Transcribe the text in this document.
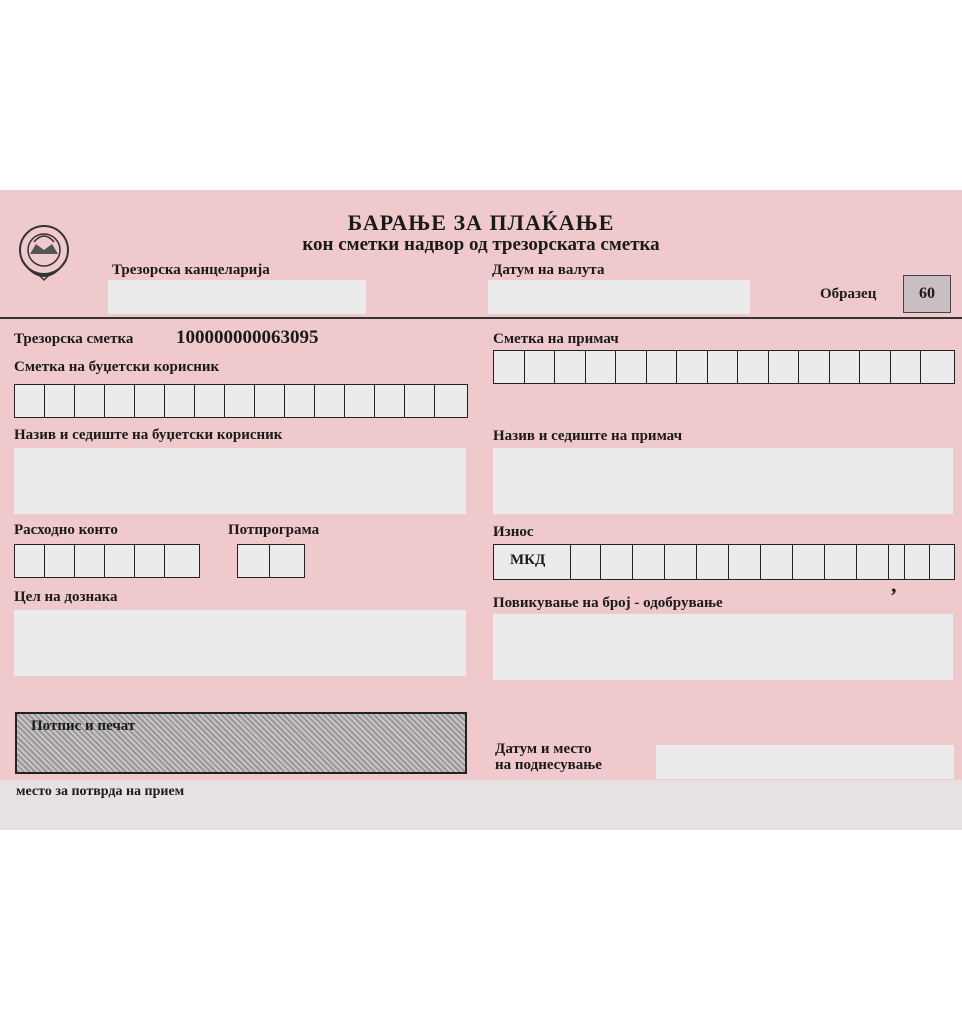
БАРАЊЕ ЗА ПЛАЌАЊЕ
кон сметки надвор од трезорската сметка
Трезорска канцеларија	Датум на валута
Образец	60
Трезорска сметка 100000000063095
Сметка на буџетски корисник
Назив и седиште на буџетски корисник
Расходно конто	Потпрограма
Цел на дознака
Потпис и печат
Сметка на примач
Назив и седиште на примач
Износ
МКД
,
Повикување на број - одобрување
Датум и место
на поднесување
место за потврда на прием
